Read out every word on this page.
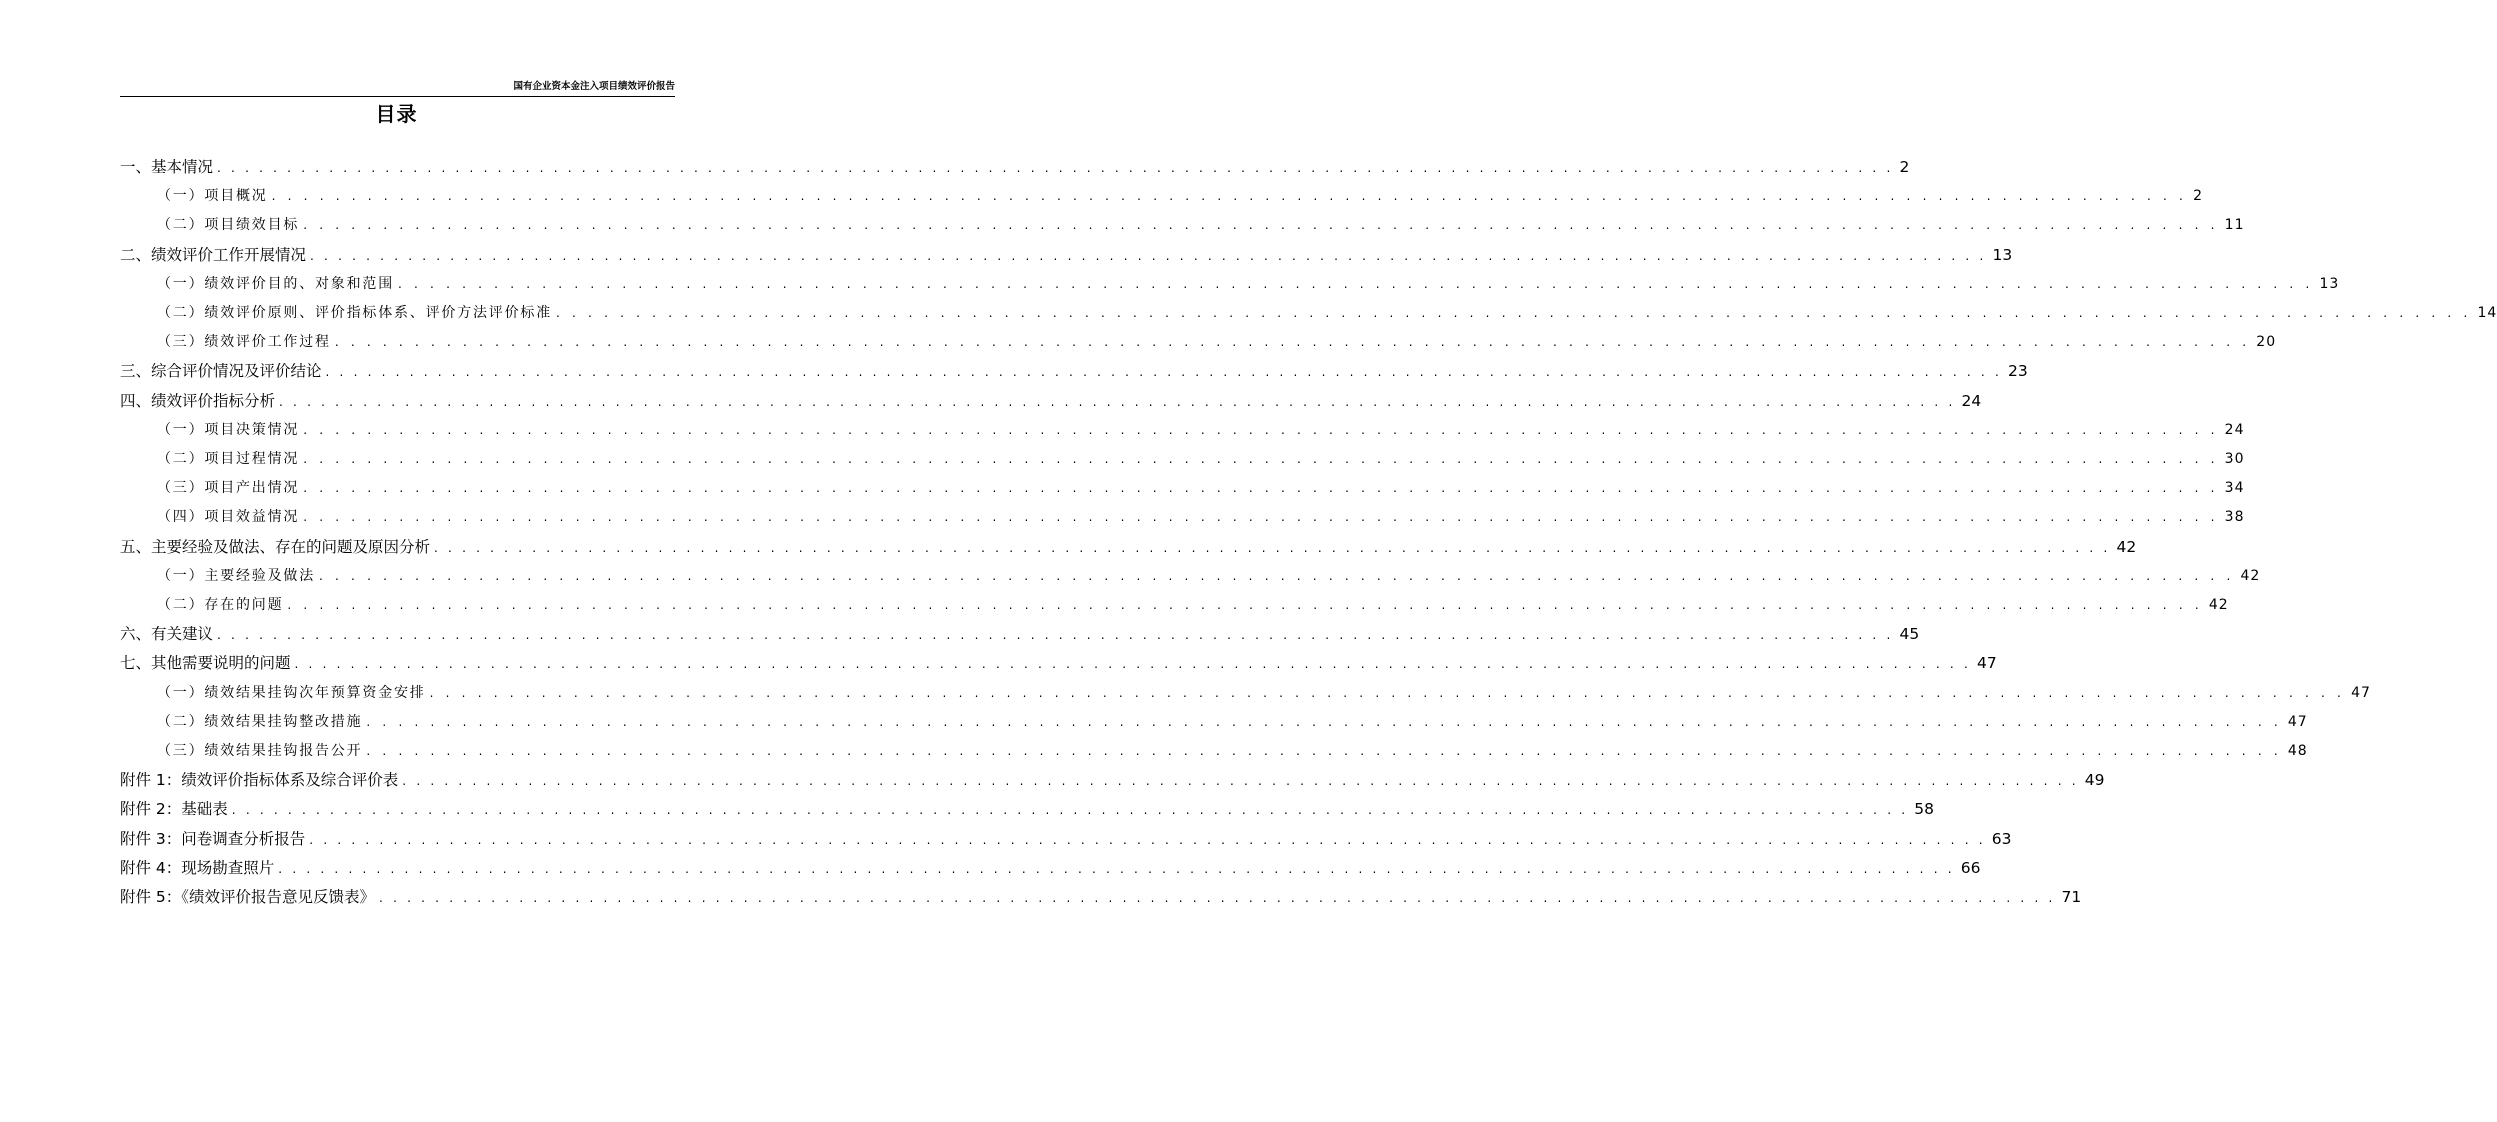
国有企业资本金注入项目绩效评价报告
目录
一、基本情况 . . . . . . . . . . . . . . . . . . . . . . . . . . . . . . . . . . . . . . . . . . . . . . . . . . . . . . . . . . . . . . . . . . . . . . . . . . . . . . . . . . . . . . . . . . . . . . . . . . . . . . . . . . . . . . . . . . . . . . . . 2
（一）项目概况 . . . . . . . . . . . . . . . . . . . . . . . . . . . . . . . . . . . . . . . . . . . . . . . . . . . . . . . . . . . . . . . . . . . . . . . . . . . . . . . . . . . . . . . . . . . . . . . . . . . . . . . . . . . . . . . . . . . . . . . . 2
（二）项目绩效目标 . . . . . . . . . . . . . . . . . . . . . . . . . . . . . . . . . . . . . . . . . . . . . . . . . . . . . . . . . . . . . . . . . . . . . . . . . . . . . . . . . . . . . . . . . . . . . . . . . . . . . . . . . . . . . . . . . . . . . . . . 11
二、绩效评价工作开展情况 . . . . . . . . . . . . . . . . . . . . . . . . . . . . . . . . . . . . . . . . . . . . . . . . . . . . . . . . . . . . . . . . . . . . . . . . . . . . . . . . . . . . . . . . . . . . . . . . . . . . . . . . . . . . . . . . . . . . . . . . 13
（一）绩效评价目的、对象和范围 . . . . . . . . . . . . . . . . . . . . . . . . . . . . . . . . . . . . . . . . . . . . . . . . . . . . . . . . . . . . . . . . . . . . . . . . . . . . . . . . . . . . . . . . . . . . . . . . . . . . . . . . . . . . . . . . . . . . . . . . 13
（二）绩效评价原则、评价指标体系、评价方法评价标准 . . . . . . . . . . . . . . . . . . . . . . . . . . . . . . . . . . . . . . . . . . . . . . . . . . . . . . . . . . . . . . . . . . . . . . . . . . . . . . . . . . . . . . . . . . . . . . . . . . . . . . . . . . . . . . . . . . . . . . . . 14
（三）绩效评价工作过程 . . . . . . . . . . . . . . . . . . . . . . . . . . . . . . . . . . . . . . . . . . . . . . . . . . . . . . . . . . . . . . . . . . . . . . . . . . . . . . . . . . . . . . . . . . . . . . . . . . . . . . . . . . . . . . . . . . . . . . . . 20
三、综合评价情况及评价结论 . . . . . . . . . . . . . . . . . . . . . . . . . . . . . . . . . . . . . . . . . . . . . . . . . . . . . . . . . . . . . . . . . . . . . . . . . . . . . . . . . . . . . . . . . . . . . . . . . . . . . . . . . . . . . . . . . . . . . . . . 23
四、绩效评价指标分析 . . . . . . . . . . . . . . . . . . . . . . . . . . . . . . . . . . . . . . . . . . . . . . . . . . . . . . . . . . . . . . . . . . . . . . . . . . . . . . . . . . . . . . . . . . . . . . . . . . . . . . . . . . . . . . . . . . . . . . . . 24
（一）项目决策情况 . . . . . . . . . . . . . . . . . . . . . . . . . . . . . . . . . . . . . . . . . . . . . . . . . . . . . . . . . . . . . . . . . . . . . . . . . . . . . . . . . . . . . . . . . . . . . . . . . . . . . . . . . . . . . . . . . . . . . . . . 24
（二）项目过程情况 . . . . . . . . . . . . . . . . . . . . . . . . . . . . . . . . . . . . . . . . . . . . . . . . . . . . . . . . . . . . . . . . . . . . . . . . . . . . . . . . . . . . . . . . . . . . . . . . . . . . . . . . . . . . . . . . . . . . . . . . 30
（三）项目产出情况 . . . . . . . . . . . . . . . . . . . . . . . . . . . . . . . . . . . . . . . . . . . . . . . . . . . . . . . . . . . . . . . . . . . . . . . . . . . . . . . . . . . . . . . . . . . . . . . . . . . . . . . . . . . . . . . . . . . . . . . . 34
（四）项目效益情况 . . . . . . . . . . . . . . . . . . . . . . . . . . . . . . . . . . . . . . . . . . . . . . . . . . . . . . . . . . . . . . . . . . . . . . . . . . . . . . . . . . . . . . . . . . . . . . . . . . . . . . . . . . . . . . . . . . . . . . . . 38
五、主要经验及做法、存在的问题及原因分析 . . . . . . . . . . . . . . . . . . . . . . . . . . . . . . . . . . . . . . . . . . . . . . . . . . . . . . . . . . . . . . . . . . . . . . . . . . . . . . . . . . . . . . . . . . . . . . . . . . . . . . . . . . . . . . . . . . . . . . . . 42
（一）主要经验及做法 . . . . . . . . . . . . . . . . . . . . . . . . . . . . . . . . . . . . . . . . . . . . . . . . . . . . . . . . . . . . . . . . . . . . . . . . . . . . . . . . . . . . . . . . . . . . . . . . . . . . . . . . . . . . . . . . . . . . . . . . 42
（二）存在的问题 . . . . . . . . . . . . . . . . . . . . . . . . . . . . . . . . . . . . . . . . . . . . . . . . . . . . . . . . . . . . . . . . . . . . . . . . . . . . . . . . . . . . . . . . . . . . . . . . . . . . . . . . . . . . . . . . . . . . . . . . 42
六、有关建议 . . . . . . . . . . . . . . . . . . . . . . . . . . . . . . . . . . . . . . . . . . . . . . . . . . . . . . . . . . . . . . . . . . . . . . . . . . . . . . . . . . . . . . . . . . . . . . . . . . . . . . . . . . . . . . . . . . . . . . . . 45
七、其他需要说明的问题 . . . . . . . . . . . . . . . . . . . . . . . . . . . . . . . . . . . . . . . . . . . . . . . . . . . . . . . . . . . . . . . . . . . . . . . . . . . . . . . . . . . . . . . . . . . . . . . . . . . . . . . . . . . . . . . . . . . . . . . . 47
（一）绩效结果挂钩次年预算资金安排 . . . . . . . . . . . . . . . . . . . . . . . . . . . . . . . . . . . . . . . . . . . . . . . . . . . . . . . . . . . . . . . . . . . . . . . . . . . . . . . . . . . . . . . . . . . . . . . . . . . . . . . . . . . . . . . . . . . . . . . . 47
（二）绩效结果挂钩整改措施 . . . . . . . . . . . . . . . . . . . . . . . . . . . . . . . . . . . . . . . . . . . . . . . . . . . . . . . . . . . . . . . . . . . . . . . . . . . . . . . . . . . . . . . . . . . . . . . . . . . . . . . . . . . . . . . . . . . . . . . . 47
（三）绩效结果挂钩报告公开 . . . . . . . . . . . . . . . . . . . . . . . . . . . . . . . . . . . . . . . . . . . . . . . . . . . . . . . . . . . . . . . . . . . . . . . . . . . . . . . . . . . . . . . . . . . . . . . . . . . . . . . . . . . . . . . . . . . . . . . . 48
附件 1：绩效评价指标体系及综合评价表 . . . . . . . . . . . . . . . . . . . . . . . . . . . . . . . . . . . . . . . . . . . . . . . . . . . . . . . . . . . . . . . . . . . . . . . . . . . . . . . . . . . . . . . . . . . . . . . . . . . . . . . . . . . . . . . . . . . . . . . . 49
附件 2：基础表 . . . . . . . . . . . . . . . . . . . . . . . . . . . . . . . . . . . . . . . . . . . . . . . . . . . . . . . . . . . . . . . . . . . . . . . . . . . . . . . . . . . . . . . . . . . . . . . . . . . . . . . . . . . . . . . . . . . . . . . . 58
附件 3：问卷调查分析报告 . . . . . . . . . . . . . . . . . . . . . . . . . . . . . . . . . . . . . . . . . . . . . . . . . . . . . . . . . . . . . . . . . . . . . . . . . . . . . . . . . . . . . . . . . . . . . . . . . . . . . . . . . . . . . . . . . . . . . . . . 63
附件 4：现场勘查照片 . . . . . . . . . . . . . . . . . . . . . . . . . . . . . . . . . . . . . . . . . . . . . . . . . . . . . . . . . . . . . . . . . . . . . . . . . . . . . . . . . . . . . . . . . . . . . . . . . . . . . . . . . . . . . . . . . . . . . . . . 66
附件 5：《绩效评价报告意见反馈表》 . . . . . . . . . . . . . . . . . . . . . . . . . . . . . . . . . . . . . . . . . . . . . . . . . . . . . . . . . . . . . . . . . . . . . . . . . . . . . . . . . . . . . . . . . . . . . . . . . . . . . . . . . . . . . . . . . . . . . . . . 71
